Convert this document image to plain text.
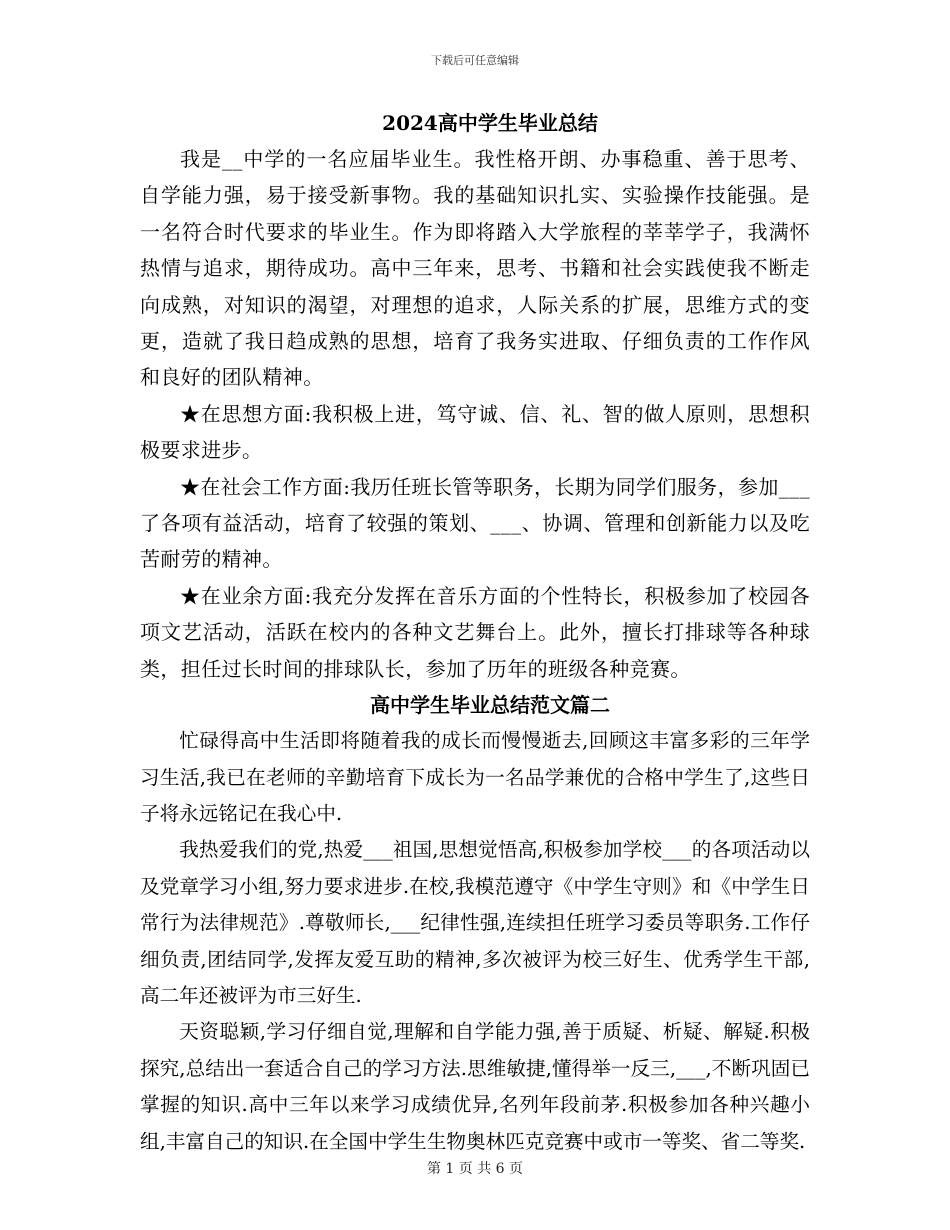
下载后可任意编辑
2024高中学生毕业总结

我是__中学的一名应届毕业生。我性格开朗、办事稳重、善于思考、自学能力强，易于接受新事物。我的基础知识扎实、实验操作技能强。是一名符合时代要求的毕业生。作为即将踏入大学旅程的莘莘学子，我满怀热情与追求，期待成功。高中三年来，思考、书籍和社会实践使我不断走向成熟，对知识的渴望，对理想的追求，人际关系的扩展，思维方式的变更，造就了我日趋成熟的思想，培育了我务实进取、仔细负责的工作作风和良好的团队精神。

★在思想方面:我积极上进，笃守诚、信、礼、智的做人原则，思想积极要求进步。

★在社会工作方面:我历任班长管等职务，长期为同学们服务，参加___了各项有益活动，培育了较强的策划、___、协调、管理和创新能力以及吃苦耐劳的精神。

★在业余方面:我充分发挥在音乐方面的个性特长，积极参加了校园各项文艺活动，活跃在校内的各种文艺舞台上。此外，擅长打排球等各种球类，担任过长时间的排球队长，参加了历年的班级各种竞赛。

高中学生毕业总结范文篇二

忙碌得高中生活即将随着我的成长而慢慢逝去,回顾这丰富多彩的三年学习生活,我已在老师的辛勤培育下成长为一名品学兼优的合格中学生了,这些日子将永远铭记在我心中.

我热爱我们的党,热爱___祖国,思想觉悟高,积极参加学校___的各项活动以及党章学习小组,努力要求进步.在校,我模范遵守《中学生守则》和《中学生日常行为法律规范》.尊敬师长,___纪律性强,连续担任班学习委员等职务.工作仔细负责,团结同学,发挥友爱互助的精神,多次被评为校三好生、优秀学生干部,高二年还被评为市三好生.

天资聪颖,学习仔细自觉,理解和自学能力强,善于质疑、析疑、解疑.积极探究,总结出一套适合自己的学习方法.思维敏捷,懂得举一反三,___,不断巩固已掌握的知识.高中三年以来学习成绩优异,名列年段前茅.积极参加各种兴趣小组,丰富自己的知识.在全国中学生生物奥林匹克竞赛中或市一等奖、省二等奖.

第 1 页 共 6 页
